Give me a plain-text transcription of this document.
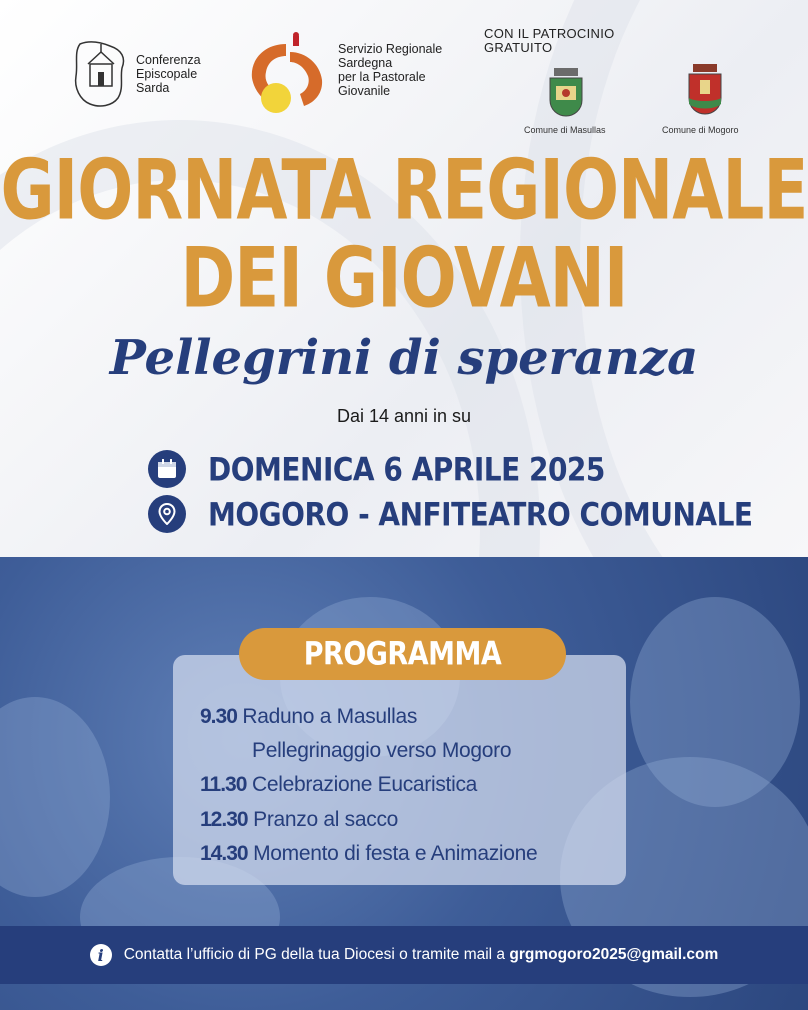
Conferenza
Episcopale
Sarda
Servizio Regionale
Sardegna
per la Pastorale
Giovanile
CON IL PATROCINIO
GRATUITO
Comune di Masullas	Comune di Mogoro
GIORNATA REGIONALE
DEI GIOVANI
Pellegrini di speranza
Dai 14 anni in su
DOMENICA 6 APRILE 2025
MOGORO - ANFITEATRO COMUNALE
PROGRAMMA
9.30 Raduno a Masullas
Pellegrinaggio verso Mogoro
11.30 Celebrazione Eucaristica
12.30 Pranzo al sacco
14.30 Momento di festa e Animazione
i	Contatta l’ufficio di PG della tua Diocesi o tramite mail a grgmogoro2025@gmail.com
